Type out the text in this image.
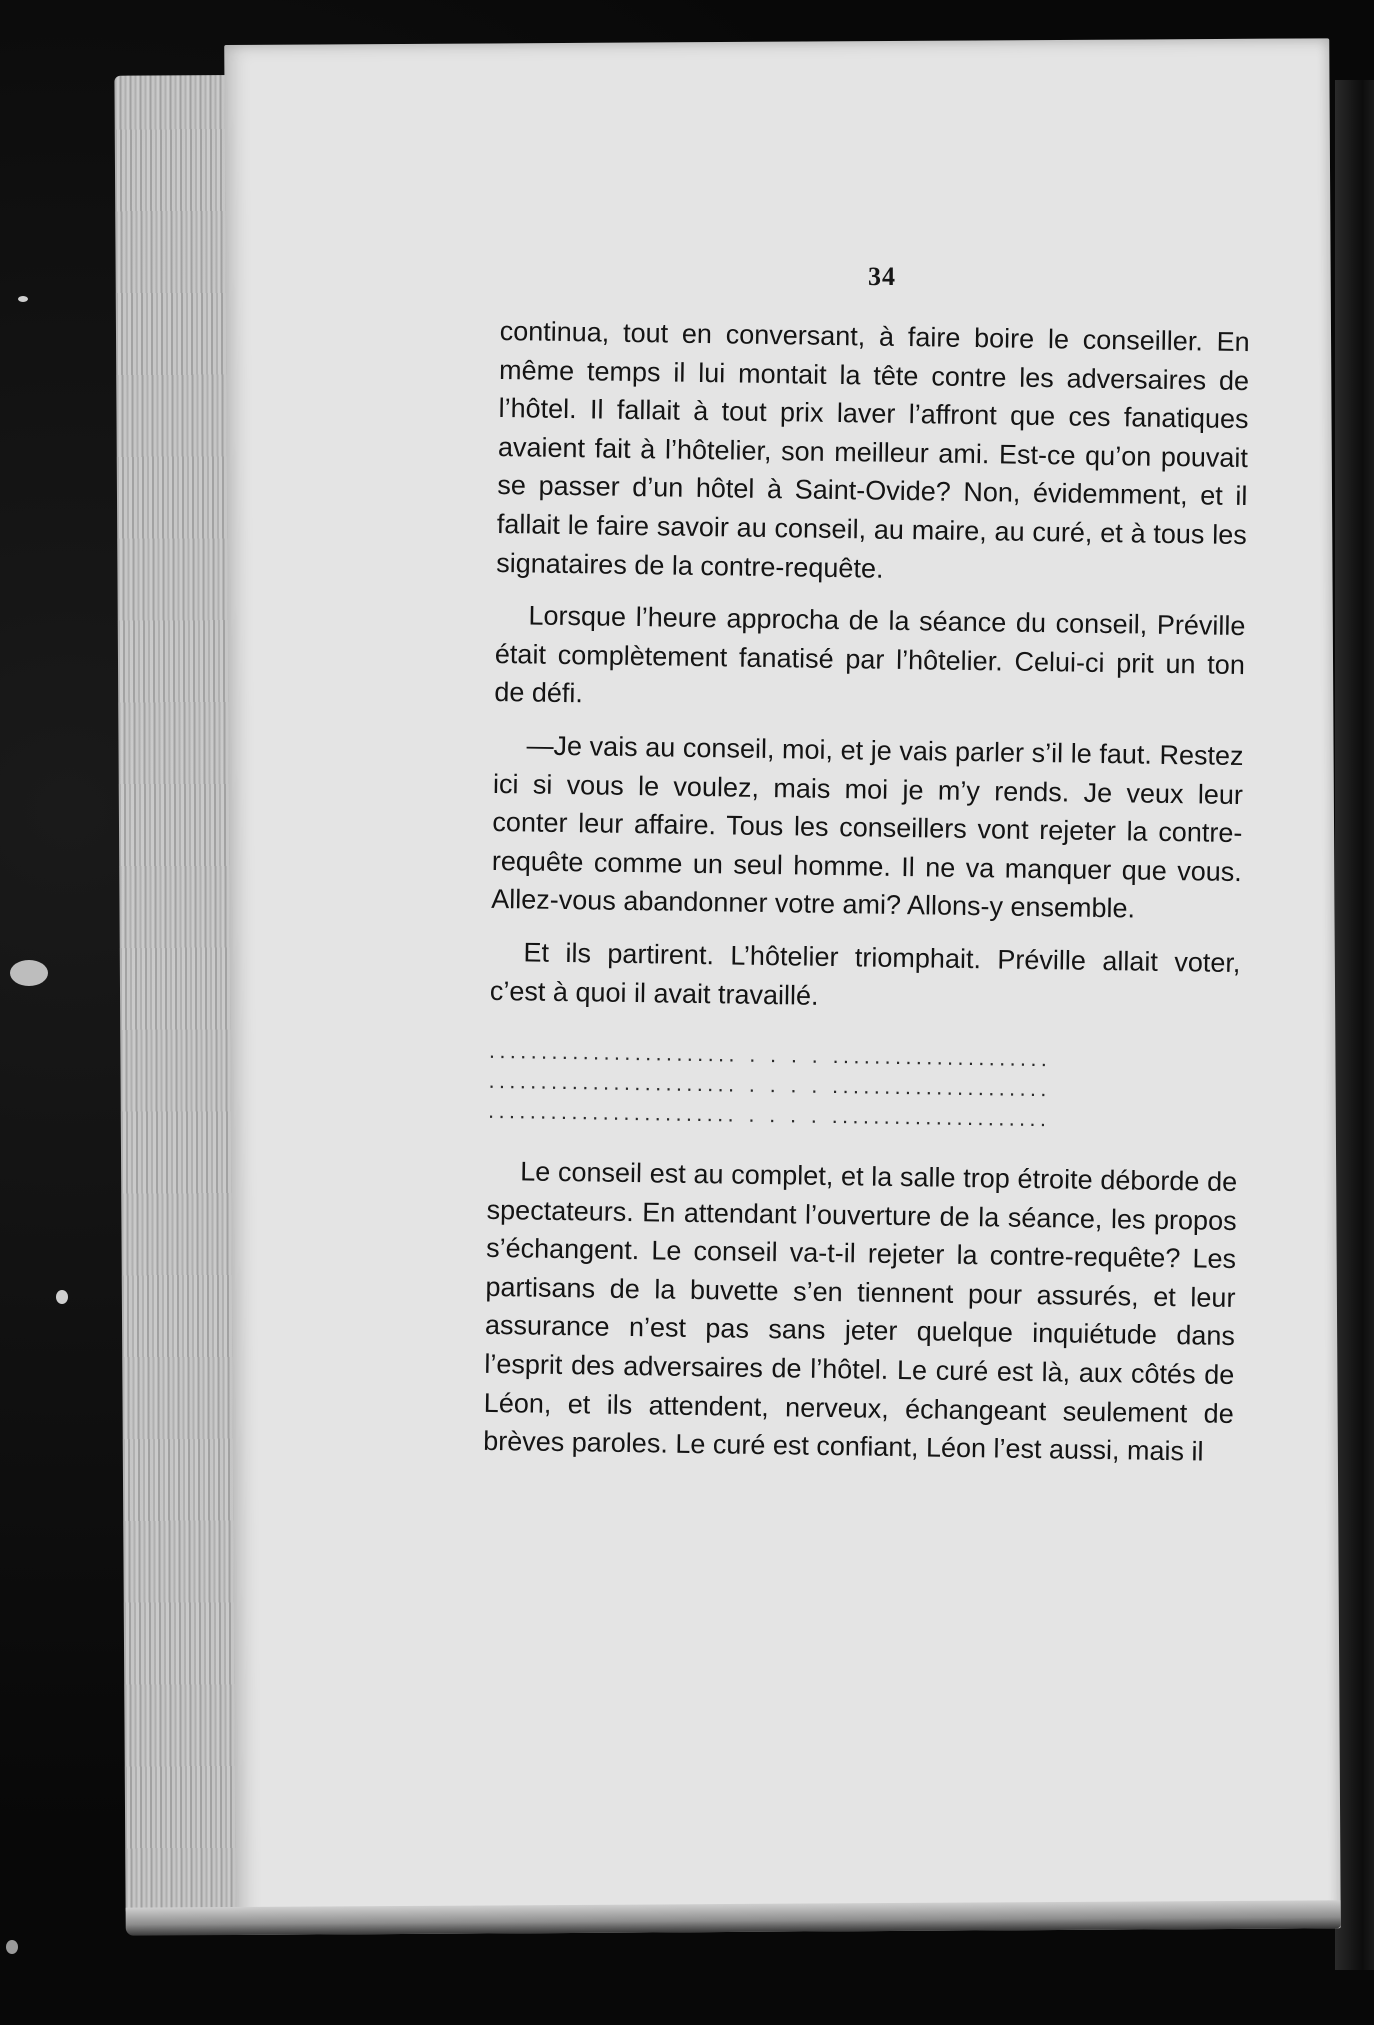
34

continua, tout en conversant, à faire boire le conseiller. En même temps il lui montait la tête contre les adversaires de l’hôtel. Il fallait à tout prix laver l’affront que ces fanatiques avaient fait à l’hôtelier, son meilleur ami. Est-ce qu’on pouvait se passer d’un hôtel à Saint-Ovide? Non, évidemment, et il fallait le faire savoir au conseil, au maire, au curé, et à tous les signataires de la contre-requête.

Lorsque l’heure approcha de la séance du conseil, Préville était complètement fanatisé par l’hôtelier. Celui-ci prit un ton de défi.

—Je vais au conseil, moi, et je vais parler s’il le faut. Restez ici si vous le voulez, mais moi je m’y rends. Je veux leur conter leur affaire. Tous les conseillers vont rejeter la contre-requête comme un seul homme. Il ne va manquer que vous. Allez-vous abandonner votre ami? Allons-y ensemble.

Et ils partirent. L’hôtelier triomphait. Préville allait voter, c’est à quoi il avait travaillé.

........................ . . . . .....................
........................ . . . . .....................
........................ . . . . .....................

Le conseil est au complet, et la salle trop étroite déborde de spectateurs. En attendant l’ouverture de la séance, les propos s’échangent. Le conseil va-t-il rejeter la contre-requête? Les partisans de la buvette s’en tiennent pour assurés, et leur assurance n’est pas sans jeter quelque inquiétude dans l’esprit des adversaires de l’hôtel. Le curé est là, aux côtés de Léon, et ils attendent, nerveux, échangeant seulement de brèves paroles. Le curé est confiant, Léon l’est aussi, mais il
